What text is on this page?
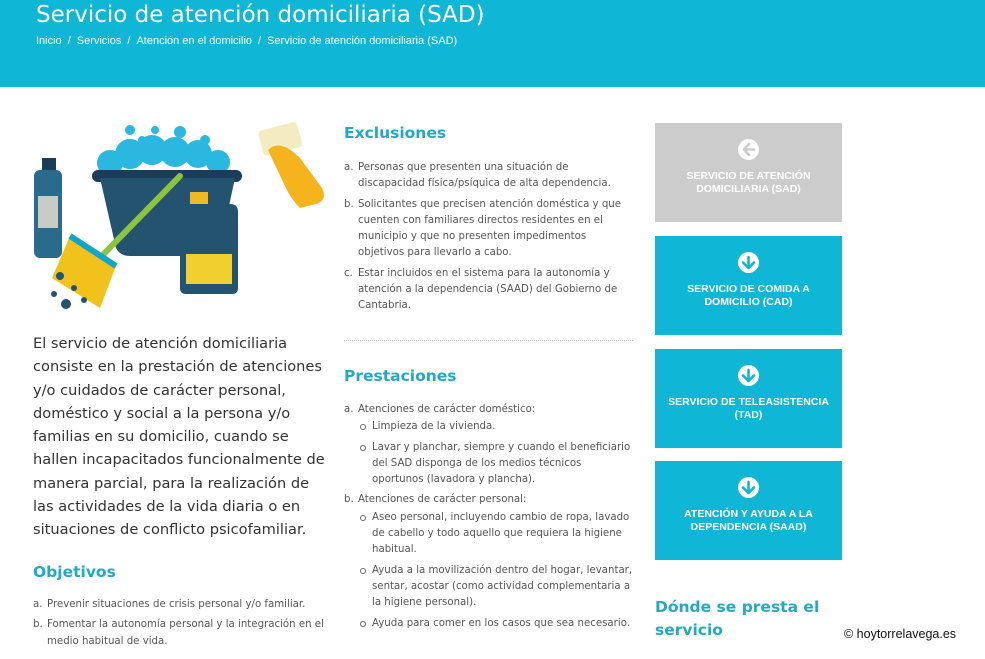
Servicio de atención domiciliaria (SAD)
Inicio / Servicios / Atención en el domicilio / Servicio de atención domiciliaria (SAD)

El servicio de atención domiciliaria consiste en la prestación de atenciones y/o cuidados de carácter personal, doméstico y social a la persona y/o familias en su domicilio, cuando se hallen incapacitados funcionalmente de manera parcial, para la realización de las actividades de la vida diaria o en situaciones de conflicto psicofamiliar.

Objetivos
a. Prevenir situaciones de crisis personal y/o familiar.
b. Fomentar la autonomía personal y la integración en el medio habitual de vida.
Exclusiones
a. Personas que presenten una situación de discapacidad física/psíquica de alta dependencia.
b. Solicitantes que precisen atención doméstica y que cuenten con familiares directos residentes en el municipio y que no presenten impedimentos objetivos para llevarlo a cabo.
c. Estar incluidos en el sistema para la autonomía y atención a la dependencia (SAAD) del Gobierno de Cantabria.
Prestaciones
a. Atenciones de carácter doméstico:
Limpieza de la vivienda.
Lavar y planchar, siempre y cuando el beneficiario del SAD disponga de los medios técnicos oportunos (lavadora y plancha).
b. Atenciones de carácter personal:
Aseo personal, incluyendo cambio de ropa, lavado de cabello y todo aquello que requiera la higiene habitual.
Ayuda a la movilización dentro del hogar, levantar, sentar, acostar (como actividad complementaria a la higiene personal).
Ayuda para comer en los casos que sea necesario.
SERVICIO DE ATENCIÓN DOMICILIARIA (SAD)
SERVICIO DE COMIDA A DOMICILIO (CAD)
SERVICIO DE TELEASISTENCIA (TAD)
ATENCIÓN Y AYUDA A LA DEPENDENCIA (SAAD)
Dónde se presta el servicio	© hoytorrelavega.es
